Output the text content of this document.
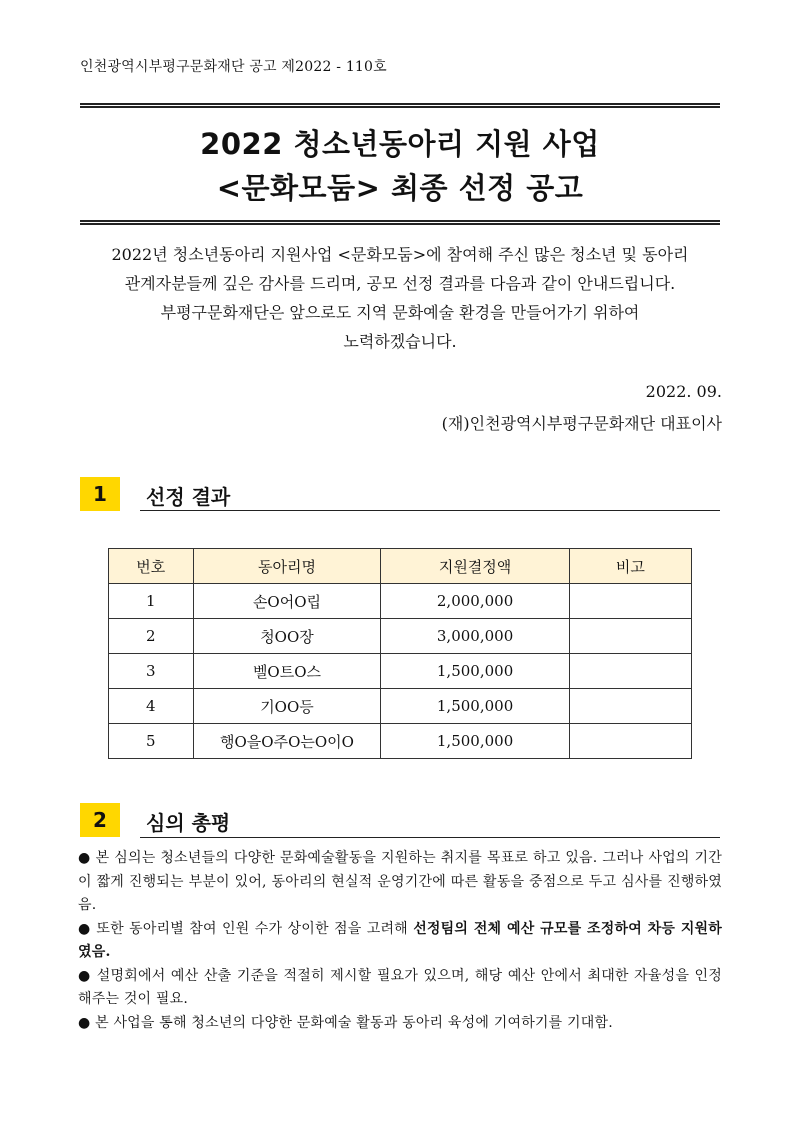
인천광역시부평구문화재단 공고 제2022 - 110호
2022 청소년동아리 지원 사업
<문화모둠> 최종 선정 공고
2022년 청소년동아리 지원사업 <문화모둠>에 참여해 주신 많은 청소년 및 동아리
관계자분들께 깊은 감사를 드리며, 공모 선정 결과를 다음과 같이 안내드립니다.
부평구문화재단은 앞으로도 지역 문화예술 환경을 만들어가기 위하여
노력하겠습니다.
2022. 09.
(재)인천광역시부평구문화재단 대표이사
1	선정 결과
번호	동아리명	지원결정액	비고
1	손O어O립	2,000,000	
2	청OO장	3,000,000	
3	벨O트O스	1,500,000	
4	기OO등	1,500,000	
5	행O을O주O는O이O	1,500,000	
2	심의 총평

● 본 심의는 청소년들의 다양한 문화예술활동을 지원하는 취지를 목표로 하고 있음. 그러나 사업의 기간이 짧게 진행되는 부분이 있어, 동아리의 현실적 운영기간에 따른 활동을 중점으로 두고 심사를 진행하였음.

● 또한 동아리별 참여 인원 수가 상이한 점을 고려해 선정팀의 전체 예산 규모를 조정하여 차등 지원하였음.

● 설명회에서 예산 산출 기준을 적절히 제시할 필요가 있으며, 해당 예산 안에서 최대한 자율성을 인정해주는 것이 필요.

● 본 사업을 통해 청소년의 다양한 문화예술 활동과 동아리 육성에 기여하기를 기대함.
